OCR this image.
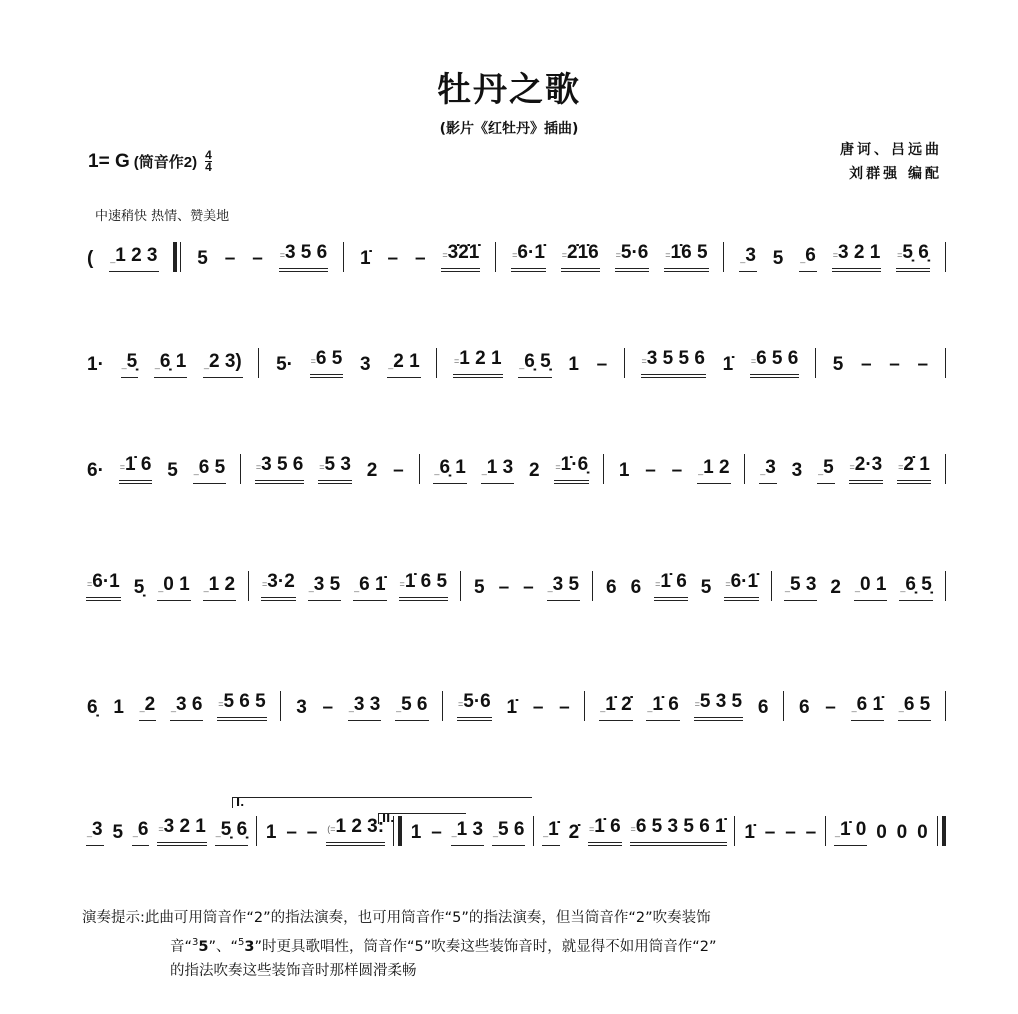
牡丹之歌
(影片《红牡丹》插曲)
1= G (筒音作2) 4
4
唐诃、吕远曲
刘群强 编配
中速稍快 热情、赞美地
( _1 2 3 5 – – =3 5 6 1̇ – – =3̇2̇1̇ =6·1̇ =2̇1̇6 =5·6 =1̇6 5 _3 5 _6 =3 2 1 =5̣ 6̣
1· _5̣ _6̣ 1 _2 3) 5· =6 5 3 _2 1 =1 2 1 _6̣ 5̣ 1 – =3 5 5 6 1̇ =6 5 6 5 – – –
6· =1̇ 6 5 _6 5 =3 5 6 =5 3 2 – _6̣ 1 _1 3 2 =1̇·6̣ 1 – – _1 2 _3 3 _5 =2·3 =2̇ 1
=6·1 5̣ _0 1 _1 2 =3·2 _3 5 _6 1̇ =1̇ 6 5 5 – – _3 5 6 6 =1̇ 6 5 =6·1̇ _5 3 2 _0 1 _6̣ 5̣
6̣ 1 _2 _3 6 =5 6 5 3 – _3 3 _5 6 =5·6 1̇ – – _1̇ 2̇ _1̇ 6 =5 3 5 6 6 – _6 1̇ _6 5
_3 5 _6 =3 2 1 _5̣ 6̣ 1 – – (=1 2 3: 1 – _1 3 _5 6 _1̇ 2̇ =1̇ 6 =6 5 3 5 6 1̇ 1̇ – – – _1̇ 0 0 0 0
I.
II.
演奏提示:此曲可用筒音作“2”的指法演奏，也可用筒音作“5”的指法演奏，但当筒音作“2”吹奏装饰
音“$^3$5”、“$^5$3”时更具歌唱性，筒音作“5”吹奏这些装饰音时，就显得不如用筒音作“2”
的指法吹奏这些装饰音时那样圆滑柔畅
